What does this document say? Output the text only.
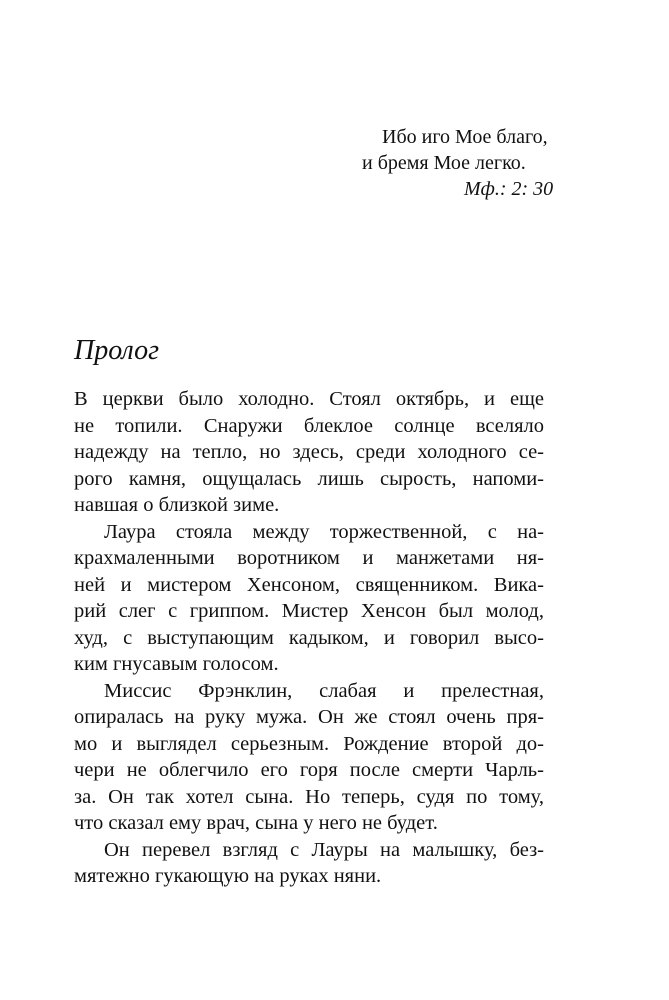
Ибо иго Мое благо,
и бремя Мое легко.
Мф.: 2: 30
Пролог
В церкви было холодно. Стоял октябрь, и еще
не топили. Снаружи блеклое солнце вселяло
надежду на тепло, но здесь, среди холодного се-
рого камня, ощущалась лишь сырость, напоми-
навшая о близкой зиме.
Лаура стояла между торжественной, с на-
крахмаленными воротником и манжетами ня-
ней и мистером Хенсоном, священником. Вика-
рий слег с гриппом. Мистер Хенсон был молод,
худ, с выступающим кадыком, и говорил высо-
ким гнусавым голосом.
Миссис Фрэнклин, слабая и прелестная,
опиралась на руку мужа. Он же стоял очень пря-
мо и выглядел серьезным. Рождение второй до-
чери не облегчило его горя после смерти Чарль-
за. Он так хотел сына. Но теперь, судя по тому,
что сказал ему врач, сына у него не будет.
Он перевел взгляд с Лауры на малышку, без-
мятежно гукающую на руках няни.
